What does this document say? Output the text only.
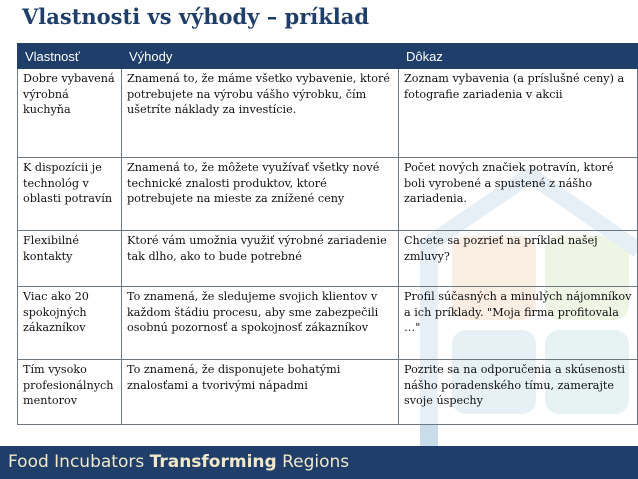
Vlastnosti vs výhody – príklad
Vlastnosť	Výhody	Dôkaz
Dobre vybavená výrobná kuchyňa	Znamená to, že máme všetko vybavenie, ktoré potrebujete na výrobu vášho výrobku, čím ušetríte náklady za investície.	Zoznam vybavenia (a príslušné ceny) a fotografie zariadenia v akcii
K dispozícii je technológ v oblasti potravín	Znamená to, že môžete využívať všetky nové technické znalosti produktov, ktoré potrebujete na mieste za znížené ceny	Počet nových značiek potravín, ktoré boli vyrobené a spustené z nášho zariadenia.
Flexibilné kontakty	Ktoré vám umožnia využiť výrobné zariadenie tak dlho, ako to bude potrebné	Chcete sa pozrieť na príklad našej zmluvy?
Viac ako 20 spokojných zákazníkov	To znamená, že sledujeme svojich klientov v každom štádiu procesu, aby sme zabezpečili osobnú pozornosť a spokojnosť zákazníkov	Profil súčasných a minulých nájomníkov a ich príklady. "Moja firma profitovala …"
Tím vysoko profesionálnych mentorov	To znamená, že disponujete bohatými znalosťami a tvorivými nápadmi	Pozrite sa na odporučenia a skúsenosti nášho poradenského tímu, zamerajte svoje úspechy
Food Incubators Transforming Regions
